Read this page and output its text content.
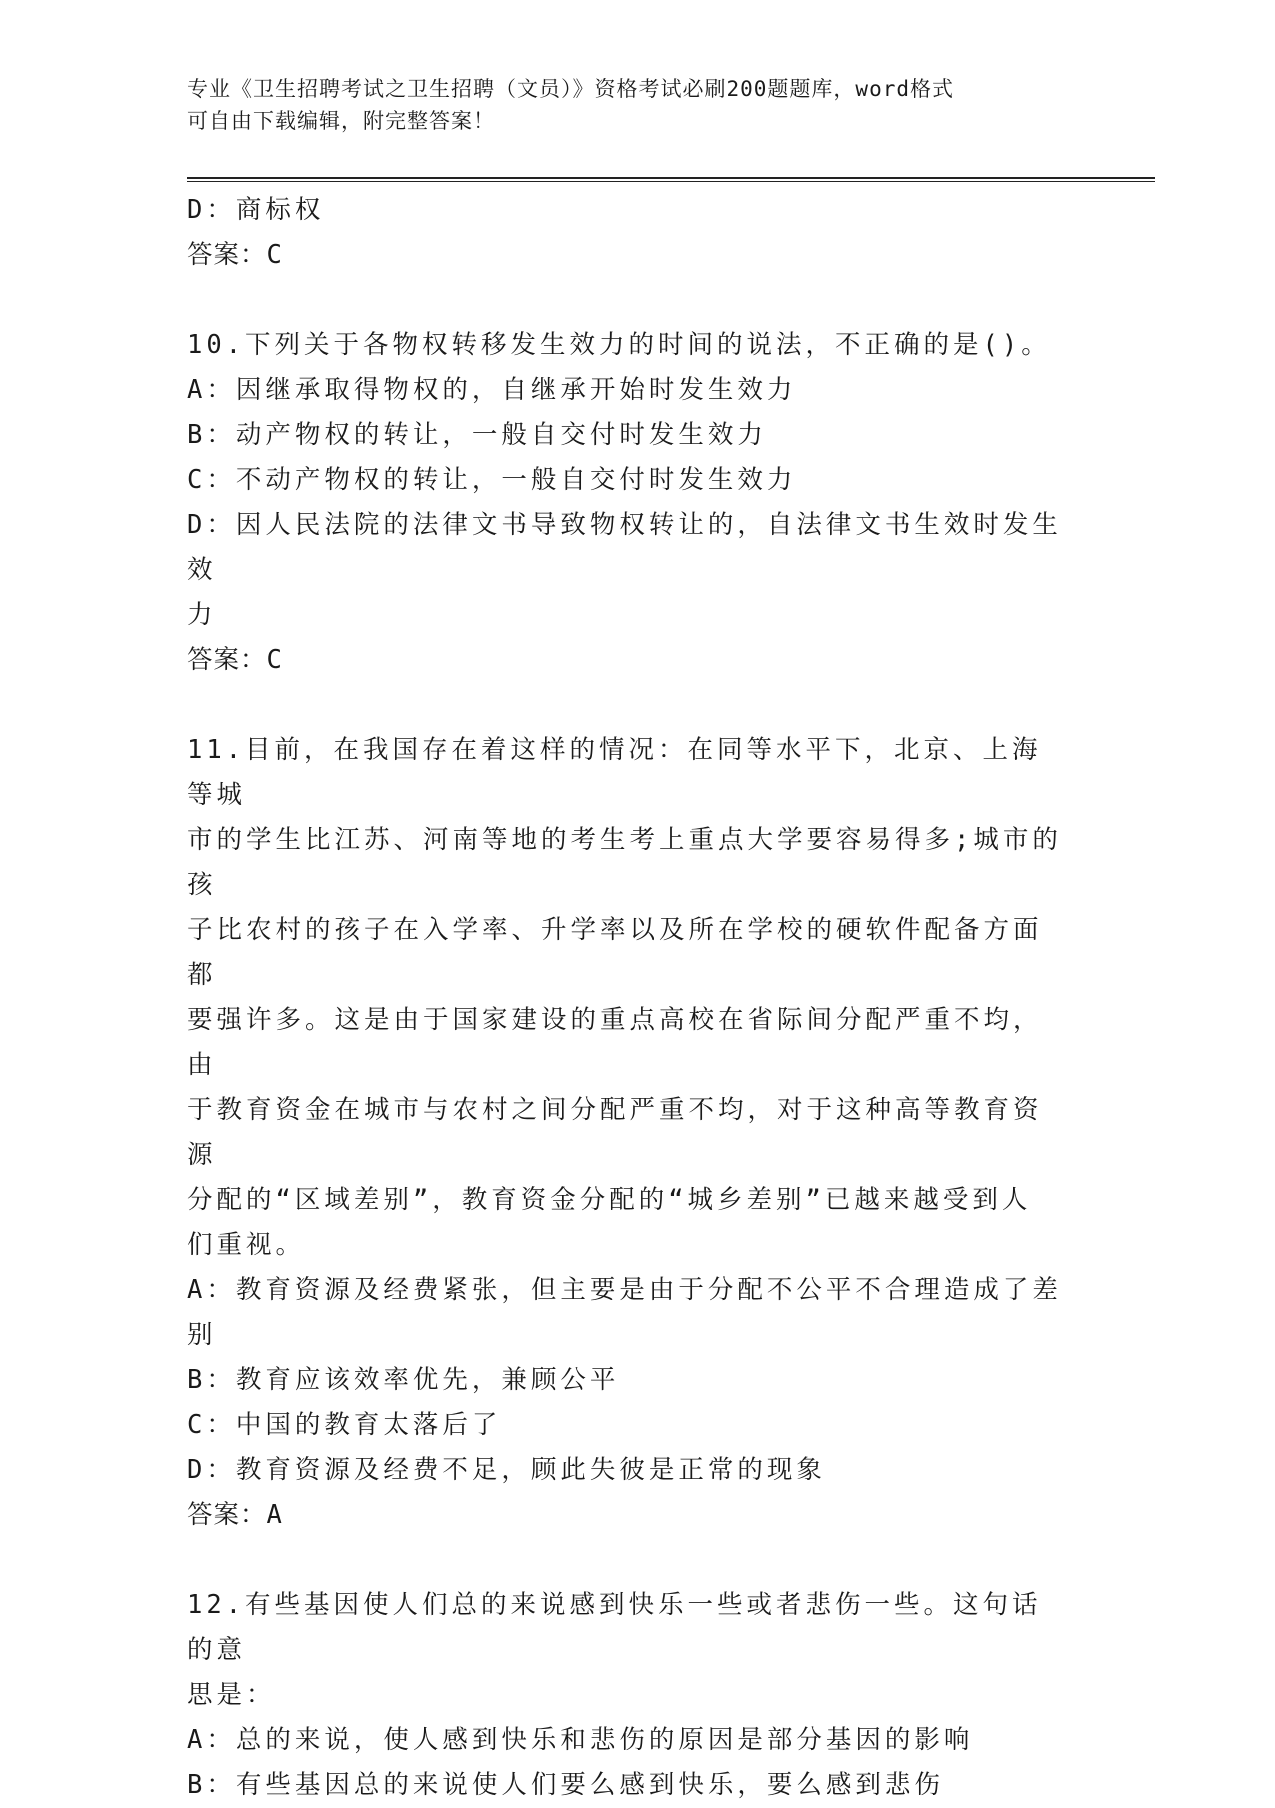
专业《卫生招聘考试之卫生招聘（文员）》资格考试必刷200题题库，word格式
可自由下载编辑，附完整答案！
D：商标权
答案：C
10.下列关于各物权转移发生效力的时间的说法，不正确的是()。
A：因继承取得物权的，自继承开始时发生效力
B：动产物权的转让，一般自交付时发生效力
C：不动产物权的转让，一般自交付时发生效力
D：因人民法院的法律文书导致物权转让的，自法律文书生效时发生效
力
答案：C
11.目前，在我国存在着这样的情况：在同等水平下，北京、上海等城
市的学生比江苏、河南等地的考生考上重点大学要容易得多;城市的孩
子比农村的孩子在入学率、升学率以及所在学校的硬软件配备方面都
要强许多。这是由于国家建设的重点高校在省际间分配严重不均，由
于教育资金在城市与农村之间分配严重不均，对于这种高等教育资源
分配的“区域差别”，教育资金分配的“城乡差别”已越来越受到人
们重视。
A：教育资源及经费紧张，但主要是由于分配不公平不合理造成了差别
B：教育应该效率优先，兼顾公平
C：中国的教育太落后了
D：教育资源及经费不足，顾此失彼是正常的现象
答案：A
12.有些基因使人们总的来说感到快乐一些或者悲伤一些。这句话的意
思是：
A：总的来说，使人感到快乐和悲伤的原因是部分基因的影响
B：有些基因总的来说使人们要么感到快乐，要么感到悲伤
